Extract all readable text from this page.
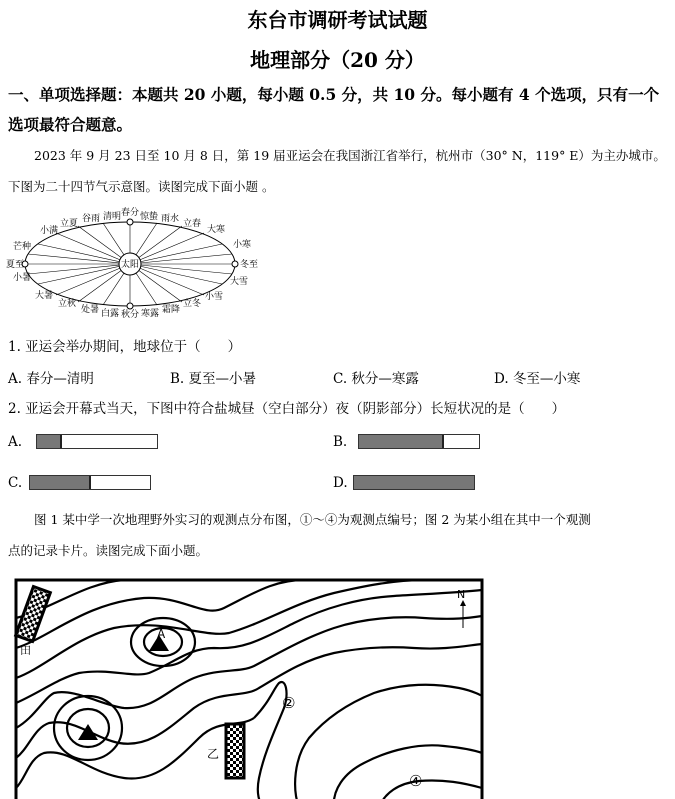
东台市调研考试试题
地理部分（20 分）
一、单项选择题：本题共 20 小题，每小题 0.5 分，共 10 分。每小题有 4 个选项，只有一个
选项最符合题意。
2023 年 9 月 23 日至 10 月 8 日，第 19 届亚运会在我国浙江省举行，杭州市（30° N，119° E）为主办城市。
下图为二十四节气示意图。读图完成下面小题 。
太阳
小满
立夏 谷雨 清明 春分 惊蛰 雨水 立春
大寒
芒种
夏至
小寒
冬至
大雪
小暑
大暑
立秋
处暑 白露 秋分 寒露 霜降
立冬
小雪
1. 亚运会举办期间，地球位于（　　）
A. 春分—清明	B. 夏至—小暑	C. 秋分—寒露	D. 冬至—小寒
2. 亚运会开幕式当天，下图中符合盐城昼（空白部分）夜（阴影部分）长短状况的是（　　）
A.	B.
C.	D.
图 1 某中学一次地理野外实习的观测点分布图，①～④为观测点编号；图 2 为某小组在其中一个观测
点的记录卡片。读图完成下面小题。
A
田
乙
②
④
N
